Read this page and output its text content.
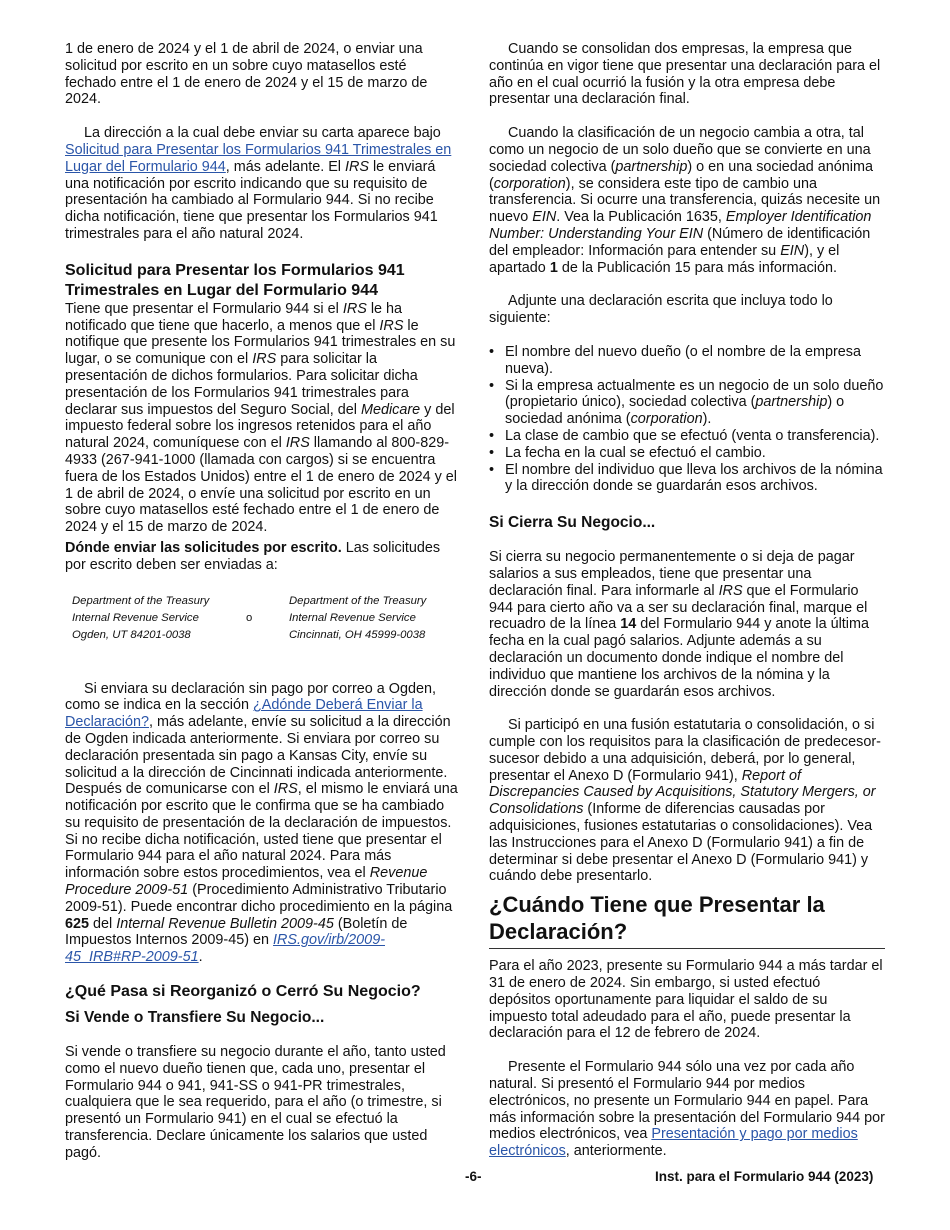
1 de enero de 2024 y el 1 de abril de 2024, o enviar una solicitud por escrito en un sobre cuyo matasellos esté fechado entre el 1 de enero de 2024 y el 15 de marzo de 2024.

La dirección a la cual debe enviar su carta aparece bajo Solicitud para Presentar los Formularios 941 Trimestrales en Lugar del Formulario 944, más adelante. El IRS le enviará una notificación por escrito indicando que su requisito de presentación ha cambiado al Formulario 944. Si no recibe dicha notificación, tiene que presentar los Formularios 941 trimestrales para el año natural 2024.

Solicitud para Presentar los Formularios 941 Trimestrales en Lugar del Formulario 944

Tiene que presentar el Formulario 944 si el IRS le ha notificado que tiene que hacerlo, a menos que el IRS le notifique que presente los Formularios 941 trimestrales en su lugar, o se comunique con el IRS para solicitar la presentación de dichos formularios. Para solicitar dicha presentación de los Formularios 941 trimestrales para declarar sus impuestos del Seguro Social, del Medicare y del impuesto federal sobre los ingresos retenidos para el año natural 2024, comuníquese con el IRS llamando al 800-829-4933 (267-941-1000 (llamada con cargos) si se encuentra fuera de los Estados Unidos) entre el 1 de enero de 2024 y el 1 de abril de 2024, o envíe una solicitud por escrito en un sobre cuyo matasellos esté fechado entre el 1 de enero de 2024 y el 15 de marzo de 2024.

Dónde enviar las solicitudes por escrito. Las solicitudes por escrito deben ser enviadas a:

Department of the Treasury
Internal Revenue Service
Ogden, UT 84201-0038
o
Department of the Treasury
Internal Revenue Service
Cincinnati, OH 45999-0038

Si enviara su declaración sin pago por correo a Ogden, como se indica en la sección ¿Adónde Deberá Enviar la Declaración?, más adelante, envíe su solicitud a la dirección de Ogden indicada anteriormente. Si enviara por correo su declaración presentada sin pago a Kansas City, envíe su solicitud a la dirección de Cincinnati indicada anteriormente. Después de comunicarse con el IRS, el mismo le enviará una notificación por escrito que le confirma que se ha cambiado su requisito de presentación de la declaración de impuestos. Si no recibe dicha notificación, usted tiene que presentar el Formulario 944 para el año natural 2024. Para más información sobre estos procedimientos, vea el Revenue Procedure 2009-51 (Procedimiento Administrativo Tributario 2009-51). Puede encontrar dicho procedimiento en la página 625 del Internal Revenue Bulletin 2009-45 (Boletín de Impuestos Internos 2009-45) en IRS.gov/irb/2009-45_IRB#RP-2009-51.

¿Qué Pasa si Reorganizó o Cerró Su Negocio?
Si Vende o Transfiere Su Negocio...

Si vende o transfiere su negocio durante el año, tanto usted como el nuevo dueño tienen que, cada uno, presentar el Formulario 944 o 941, 941-SS o 941-PR trimestrales, cualquiera que le sea requerido, para el año (o trimestre, si presentó un Formulario 941) en el cual se efectuó la transferencia. Declare únicamente los salarios que usted pagó.

Cuando se consolidan dos empresas, la empresa que continúa en vigor tiene que presentar una declaración para el año en el cual ocurrió la fusión y la otra empresa debe presentar una declaración final.

Cuando la clasificación de un negocio cambia a otra, tal como un negocio de un solo dueño que se convierte en una sociedad colectiva (partnership) o en una sociedad anónima (corporation), se considera este tipo de cambio una transferencia. Si ocurre una transferencia, quizás necesite un nuevo EIN. Vea la Publicación 1635, Employer Identification Number: Understanding Your EIN (Número de identificación del empleador: Información para entender su EIN), y el apartado 1 de la Publicación 15 para más información.

Adjunte una declaración escrita que incluya todo lo siguiente:

• El nombre del nuevo dueño (o el nombre de la empresa nueva).
• Si la empresa actualmente es un negocio de un solo dueño (propietario único), sociedad colectiva (partnership) o sociedad anónima (corporation).
• La clase de cambio que se efectuó (venta o transferencia).
• La fecha en la cual se efectuó el cambio.
• El nombre del individuo que lleva los archivos de la nómina y la dirección donde se guardarán esos archivos.
Si Cierra Su Negocio...

Si cierra su negocio permanentemente o si deja de pagar salarios a sus empleados, tiene que presentar una declaración final. Para informarle al IRS que el Formulario 944 para cierto año va a ser su declaración final, marque el recuadro de la línea 14 del Formulario 944 y anote la última fecha en la cual pagó salarios. Adjunte además a su declaración un documento donde indique el nombre del individuo que mantiene los archivos de la nómina y la dirección donde se guardarán esos archivos.

Si participó en una fusión estatutaria o consolidación, o si cumple con los requisitos para la clasificación de predecesor-sucesor debido a una adquisición, deberá, por lo general, presentar el Anexo D (Formulario 941), Report of Discrepancies Caused by Acquisitions, Statutory Mergers, or Consolidations (Informe de diferencias causadas por adquisiciones, fusiones estatutarias o consolidaciones). Vea las Instrucciones para el Anexo D (Formulario 941) a fin de determinar si debe presentar el Anexo D (Formulario 941) y cuándo debe presentarlo.

¿Cuándo Tiene que Presentar la Declaración?

Para el año 2023, presente su Formulario 944 a más tardar el 31 de enero de 2024. Sin embargo, si usted efectuó depósitos oportunamente para liquidar el saldo de su impuesto total adeudado para el año, puede presentar la declaración para el 12 de febrero de 2024.

Presente el Formulario 944 sólo una vez por cada año natural. Si presentó el Formulario 944 por medios electrónicos, no presente un Formulario 944 en papel. Para más información sobre la presentación del Formulario 944 por medios electrónicos, vea Presentación y pago por medios electrónicos, anteriormente.

-6-	Inst. para el Formulario 944 (2023)
